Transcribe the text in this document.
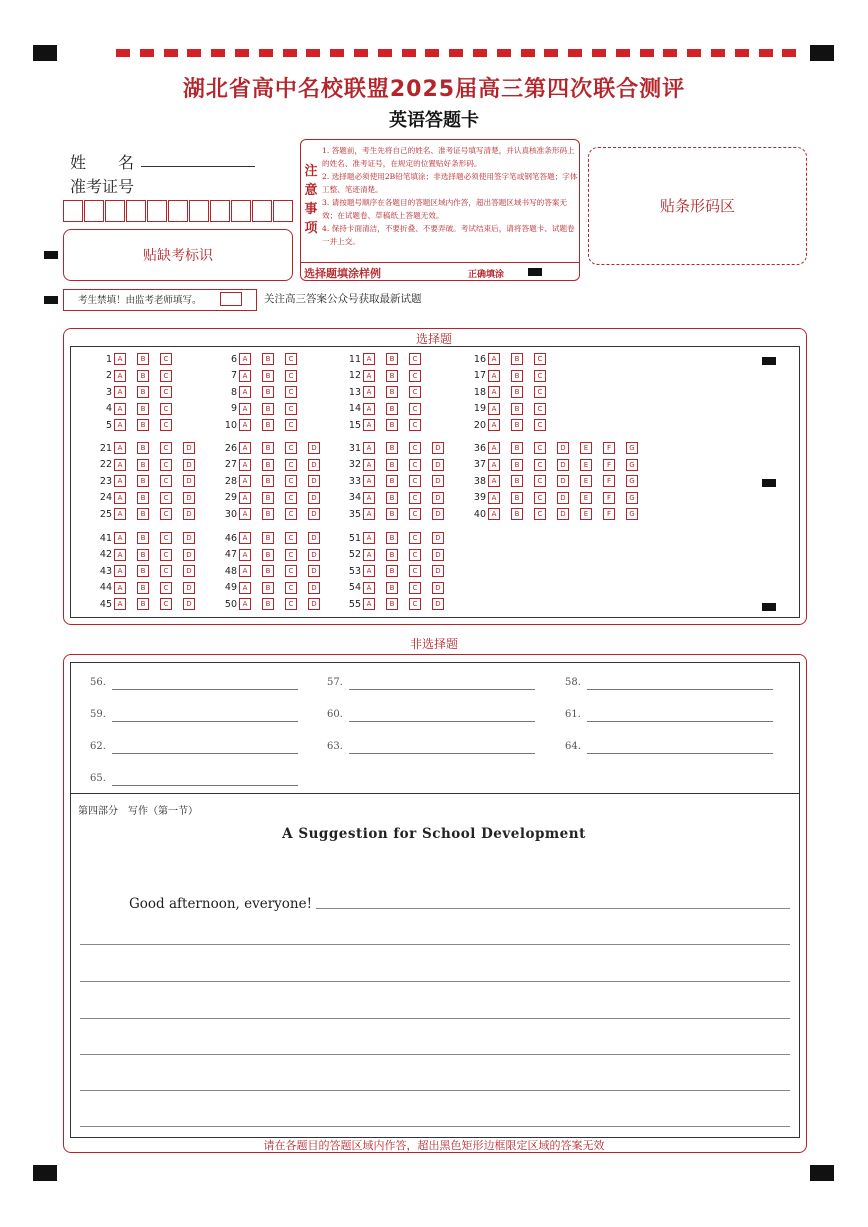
湖北省高中名校联盟2025届高三第四次联合测评
英语答题卡
姓　　名
准考证号
贴缺考标识
考生禁填！由监考老师填写。	关注高三答案公众号获取最新试题
注意事项
1. 答题前，考生先将自己的姓名、准考证号填写清楚，并认真核准条形码上的姓名、准考证号，在规定的位置贴好条形码。
2. 选择题必须使用2B铅笔填涂；非选择题必须使用签字笔或钢笔答题；字体工整、笔迹清楚。
3. 请按题号顺序在各题目的答题区域内作答，超出答题区域书写的答案无效；在试题卷、草稿纸上答题无效。
4. 保持卡面清洁，不要折叠、不要弄破。考试结束后，请将答题卡、试题卷一并上交。
选择题填涂样例	正确填涂
贴条形码区
选择题
1 A	B	C
2 A	B	C
3 A	B	C
4 A	B	C
5 A	B	C
6 A	B	C
7 A	B	C
8 A	B	C
9 A	B	C
10 A	B	C
11 A	B	C
12 A	B	C
13 A	B	C
14 A	B	C
15 A	B	C
16 A	B	C
17 A	B	C
18 A	B	C
19 A	B	C
20 A	B	C
21 A	B	C	D
22 A	B	C	D
23 A	B	C	D
24 A	B	C	D
25 A	B	C	D
26 A	B	C	D
27 A	B	C	D
28 A	B	C	D
29 A	B	C	D
30 A	B	C	D
31 A	B	C	D
32 A	B	C	D
33 A	B	C	D
34 A	B	C	D
35 A	B	C	D
36 A	B	C	D	E	F	G
37 A	B	C	D	E	F	G
38 A	B	C	D	E	F	G
39 A	B	C	D	E	F	G
40 A	B	C	D	E	F	G
41 A	B	C	D
42 A	B	C	D
43 A	B	C	D
44 A	B	C	D
45 A	B	C	D
46 A	B	C	D
47 A	B	C	D
48 A	B	C	D
49 A	B	C	D
50 A	B	C	D
51 A	B	C	D
52 A	B	C	D
53 A	B	C	D
54 A	B	C	D
55 A	B	C	D
非选择题
56.	57.	58.
59.	60.	61.
62.	63.	64.
65.
第四部分　写作（第一节）
A Suggestion for School Development
Good afternoon, everyone!
请在各题目的答题区域内作答，超出黑色矩形边框限定区域的答案无效
